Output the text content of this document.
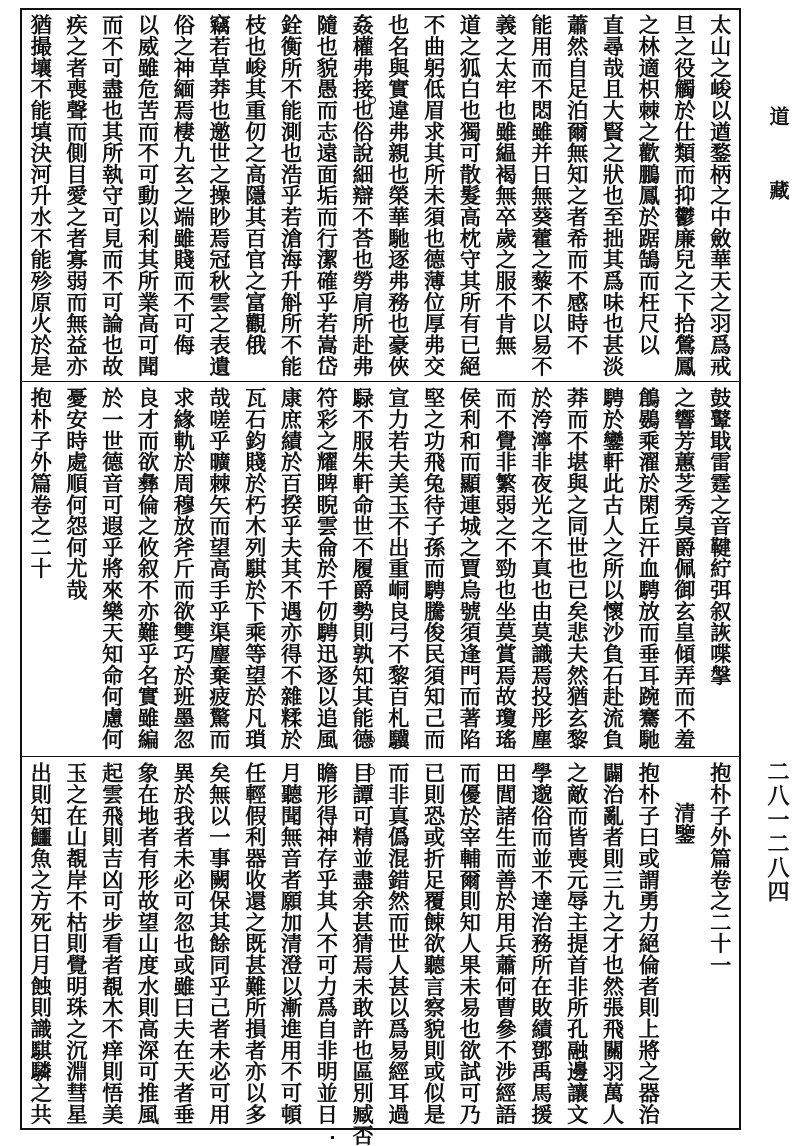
太山之峻以遒鍪柄之中斂華天之羽爲戒
旦之役觸於仕類而抑鬱廉兒之下拾鶯鳳
之林適枳棘之歡鵬鳳於踞鵠而枉尺以
直尋哉且大賢之狀也至拙其爲味也甚淡
蕭然自足泊爾無知之者希而不感時不
能用而不悶雖并日無葵藿之藜不以易不
義之太牢也雖緼褐無卒歲之服不肯無
道之狐白也獨可散髮高枕守其所有已絕
不曲躬低眉求其所未須也德薄位厚弗交
也名與實違弗親也榮華馳逐弗務也豪俠
姦權弗接也俗說細辯不荅也勞肩所赴弗
隨也貌愚而志遠面垢而行潔確乎若嵩岱
銓衡所不能測也浩乎若滄海升斛所不能
枝也峻其重仞之高隱其百官之富觀俄
竊若草莽也邀世之操眇焉冠秋雲之表遺
俗之神緬焉棲九玄之端雖賤而不可侮
以威雖危苦而不可動以利其所業高可聞
而不可盡也其所執守可見而不可論也故
疾之者喪聲而側目愛之者寡弱而無益亦
猶撮壤不能填決河升水不能殄原火於是
鼓鼙戢雷霆之音鞬紵弭叙詼喋搫
之響芳蕙芝秀臭爵佩御玄皇傾弄而不羞
鶬鷃乘濯於閑丘汗血騁放而垂耳踠騫馳
騁於鑾軒此古人之所以懷沙負石赴流負
莽而不堪與之同世也已矣悲夫然猶玄黎
於洿濘非夜光之不真也由莫識焉投彤塵
而不覺非繁弱之不勁也坐莫賞焉故瓊瑤
侯利和而顯連城之賈烏號須逢門而著陷
堅之功飛兔待子孫而騁騰俊民須知己而
宣力若夫美玉不出重峒良弓不黎百札驥
騄不服朱軒命世不履爵勢則孰知其能德
符彩之耀睥睨雲侖於千仞騁迅逐以追風
康庶績於百揆乎夫其不遇亦得不雜糅於
瓦石鈞賤於朽木列騏於下乘等望於凡瑣
哉嗟乎曠棘矢而望高手乎渠麈棄疲驚而
求緣軌於周穆放斧斤而欲雙巧於班墨忽
良才而欲彝倫之攸叙不亦難乎名實雖編
於一世德音可遐乎將來樂天知命何慮何
憂安時處順何怨何尤哉
抱朴子外篇卷之二十
抱朴子外篇卷之二十一
清鑒
抱朴子曰或謂勇力絕倫者則上將之器治
闢治亂者則三九之才也然張飛關羽萬人
之敵而皆喪元辱主提首非所孔融邊讓文
學邈俗而並不達治務所在敗績鄧禹馬援
田閭諸生而善於用兵蕭何曹參不涉經語
而優於宰輔爾則知人果未易也欲試可乃
已則恐或折足覆餗欲聽言察貌則或似是
而非真僞混錯然而世人甚以爲易經耳過
目譚可精並盡余甚猜焉未敢許也區別臧否
瞻形得神存乎其人不可力爲自非明並日
月聽聞無音者願加清澄以漸進用不可頓
任輕假利器收還之既甚難所損者亦以多
矣無以一事闕保其餘同乎己者未必可用
異於我者未必可忽也或雖曰夫在天者垂
象在地者有形故望山度水則高深可推風
起雲飛則吉凶可步看者覩木不痒則悟美
玉之在山覩岸不枯則覺明珠之沉淵彗星
出則知鱷魚之方死日月蝕則識騏驎之共
道
藏
二八一二八四
